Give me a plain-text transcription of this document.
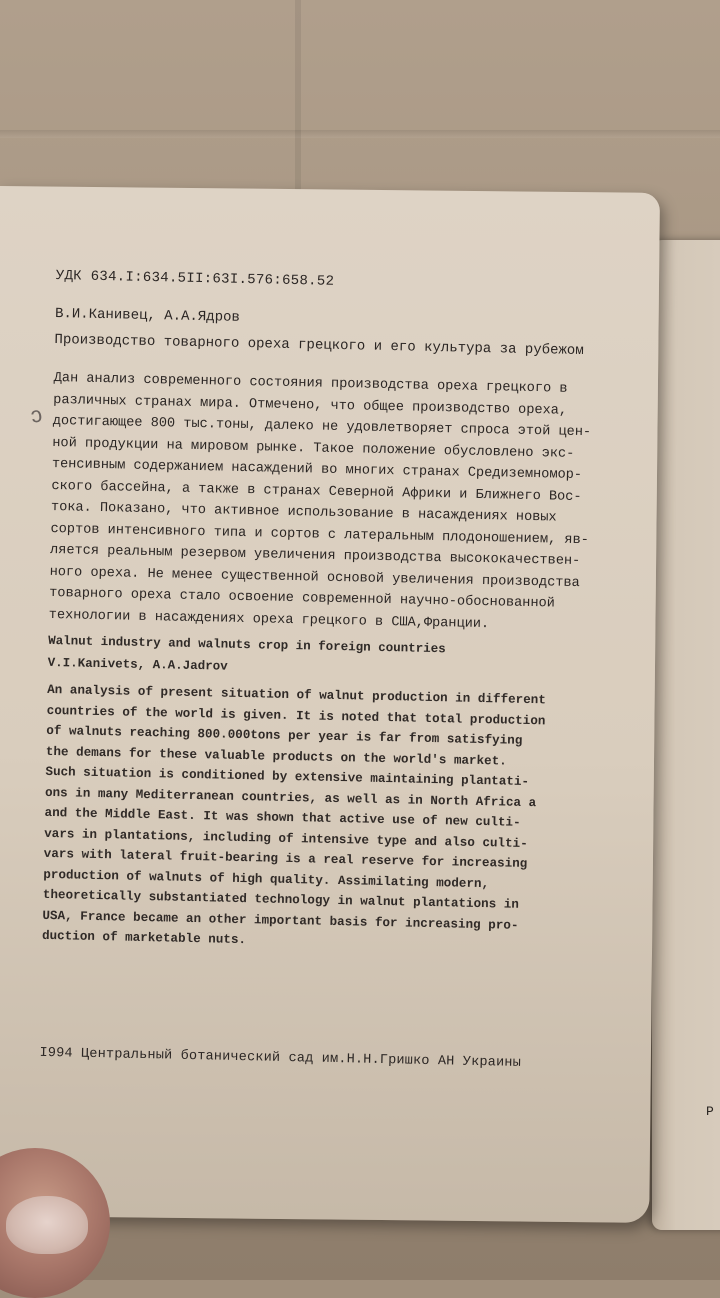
Р
ↄ
УДК 634.I:634.5II:63I.576:658.52
В.И.Канивец, А.А.Ядров
Производство товарного ореха грецкого и его культура за рубежом
Дан анализ современного состояния производства ореха грецкого в
различных странах мира. Отмечено, что общее производство ореха,
достигающее 800 тыс.тоны, далеко не удовлетворяет спроса этой цен-
ной продукции на мировом рынке. Такое положение обусловлено экс-
тенсивным содержанием насаждений во многих странах Средиземномор-
ского бассейна, а также в странах Северной Африки и Ближнего Вос-
тока. Показано, что активное использование в насаждениях новых
сортов интенсивного типа и сортов с латеральным плодоношением, яв-
ляется реальным резервом увеличения производства высококачествен-
ного ореха. Не менее существенной основой увеличения производства
товарного ореха стало освоение современной научно-обоснованной
технологии в насаждениях ореха грецкого в США,Франции.
Walnut industry and walnuts crop in foreign countries
V.I.Kanivets, A.A.Jadrov
An analysis of present situation of walnut production in different
countries of the world is given. It is noted that total production
of walnuts reaching 800.000tons per year is far from satisfying
the demans for these valuable products on the world's market.
Such situation is conditioned by extensive maintaining plantati-
ons in many Mediterranean countries, as well as in North Africa a
and the Middle East. It was shown that active use of new culti-
vars in plantations, including of intensive type and also culti-
vars with lateral fruit-bearing is a real reserve for increasing
production of walnuts of high quality. Assimilating modern,
theoretically substantiated technology in walnut plantations in
USA, France became an other important basis for increasing pro-
duction of marketable nuts.
I994 Центральный ботанический сад им.Н.Н.Гришко АН Украины
